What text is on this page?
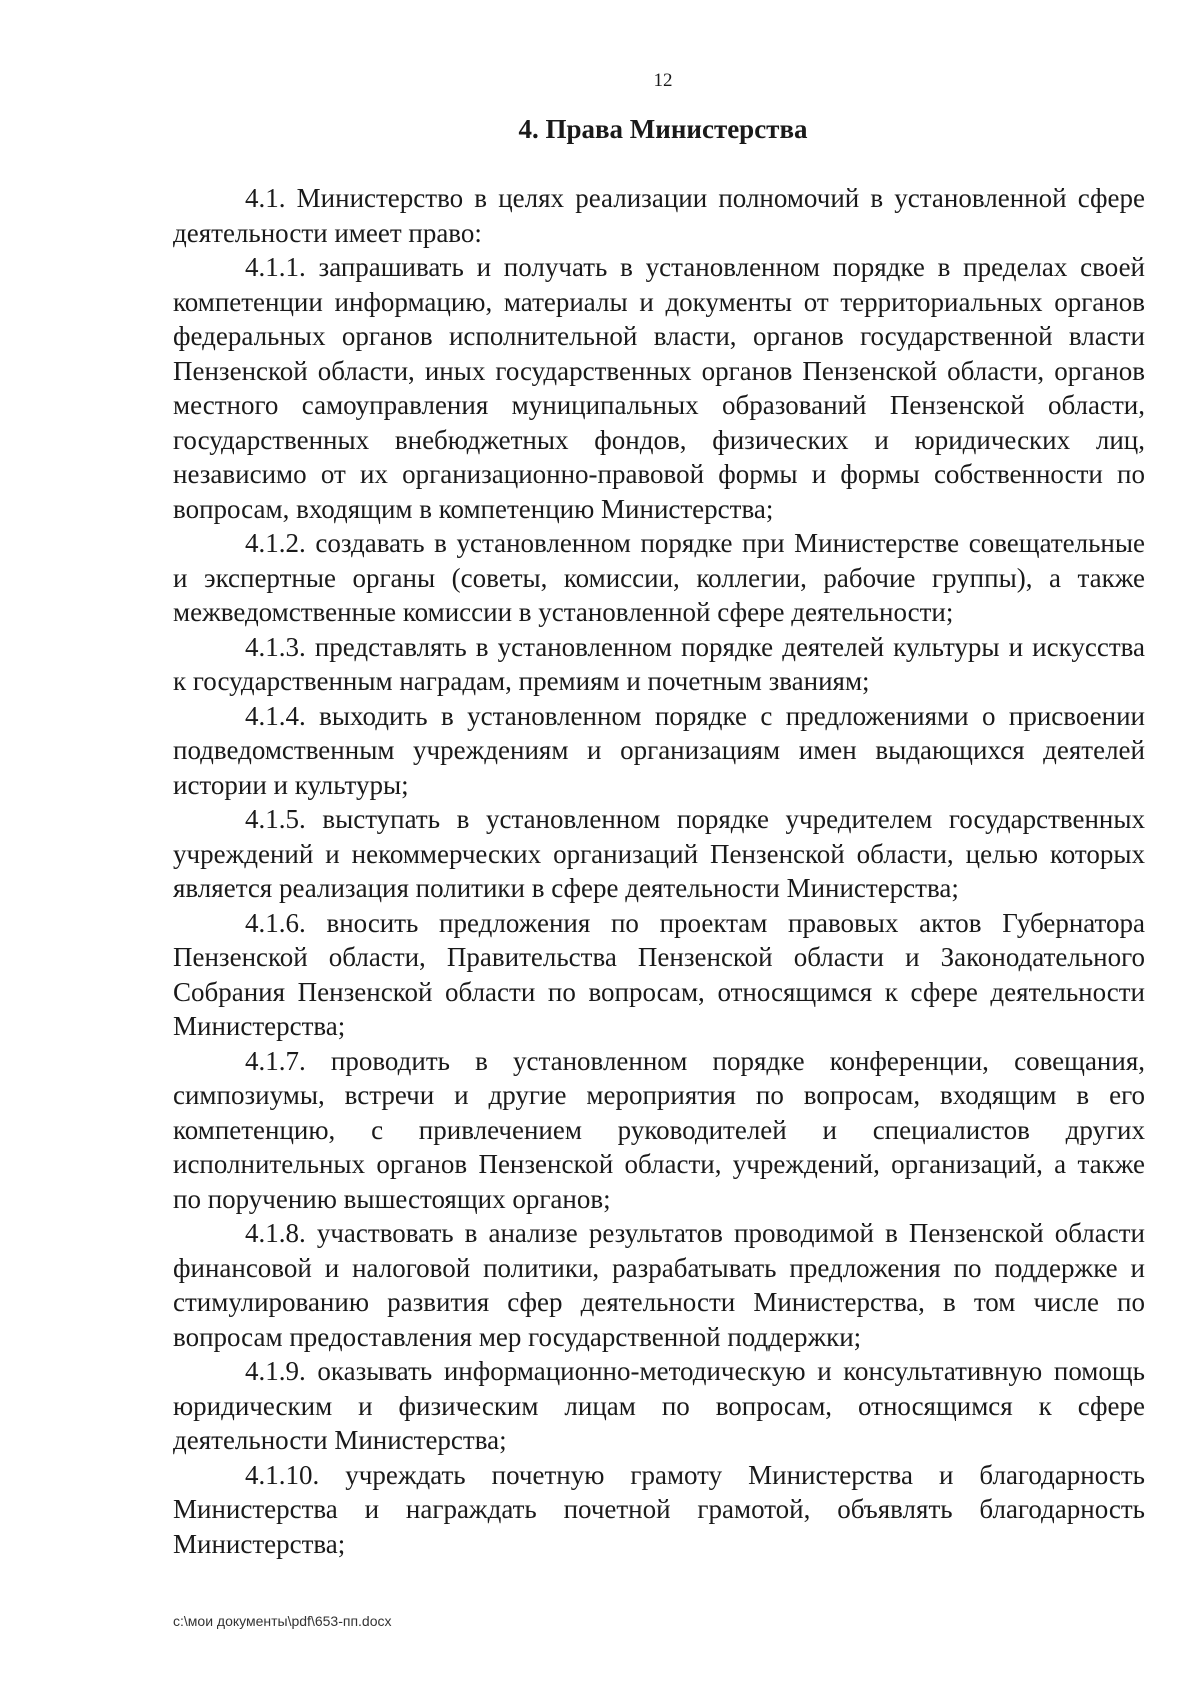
12
4. Права Министерства

4.1. Министерство в целях реализации полномочий в установленной сфере деятельности имеет право:

4.1.1. запрашивать и получать в установленном порядке в пределах своей компетенции информацию, материалы и документы от территориальных органов федеральных органов исполнительной власти, органов государственной власти Пензенской области, иных государственных органов Пензенской области, органов местного самоуправления муниципальных образований Пензенской области, государственных внебюджетных фондов, физических и юридических лиц, независимо от их организационно-правовой формы и формы собственности по вопросам, входящим в компетенцию Министерства;

4.1.2. создавать в установленном порядке при Министерстве совещательные и экспертные органы (советы, комиссии, коллегии, рабочие группы), а также межведомственные комиссии в установленной сфере деятельности;

4.1.3. представлять в установленном порядке деятелей культуры и искусства к государственным наградам, премиям и почетным званиям;

4.1.4. выходить в установленном порядке с предложениями о присвоении подведомственным учреждениям и организациям имен выдающихся деятелей истории и культуры;

4.1.5. выступать в установленном порядке учредителем государственных учреждений и некоммерческих организаций Пензенской области, целью которых является реализация политики в сфере деятельности Министерства;

4.1.6. вносить предложения по проектам правовых актов Губернатора Пензенской области, Правительства Пензенской области и Законодательного Собрания Пензенской области по вопросам, относящимся к сфере деятельности Министерства;

4.1.7. проводить в установленном порядке конференции, совещания, симпозиумы, встречи и другие мероприятия по вопросам, входящим в его компетенцию, с привлечением руководителей и специалистов других исполнительных органов Пензенской области, учреждений, организаций, а также по поручению вышестоящих органов;

4.1.8. участвовать в анализе результатов проводимой в Пензенской области финансовой и налоговой политики, разрабатывать предложения по поддержке и стимулированию развития сфер деятельности Министерства, в том числе по вопросам предоставления мер государственной поддержки;

4.1.9. оказывать информационно-методическую и консультативную помощь юридическим и физическим лицам по вопросам, относящимся к сфере деятельности Министерства;

4.1.10. учреждать почетную грамоту Министерства и благодарность Министерства и награждать почетной грамотой, объявлять благодарность Министерства;

c:\мои документы\pdf\653-пп.docx
